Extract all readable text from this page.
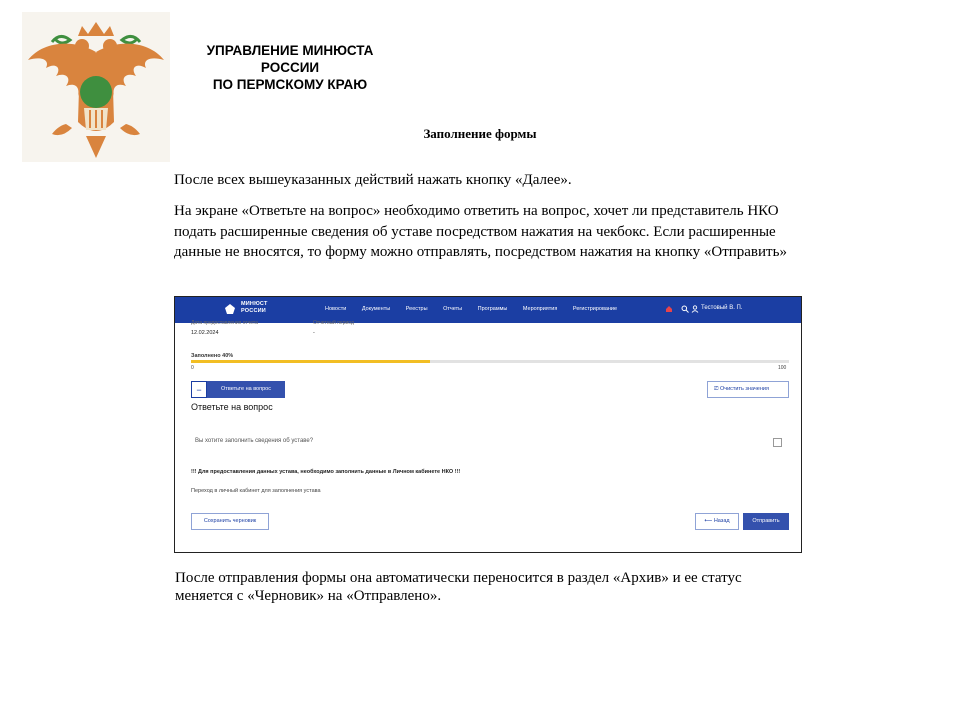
УПРАВЛЕНИЕ МИНЮСТА
РОССИИ
ПО ПЕРМСКОМУ КРАЮ
Заполнение формы
После всех вышеуказанных действий нажать кнопку «Далее».
На экране «Ответьте на вопрос» необходимо ответить на вопрос, хочет ли представитель НКО подать расширенные сведения об уставе посредством нажатия на чекбокс. Если расширенные данные не вносятся, то форму можно отправлять, посредством нажатия на кнопку «Отправить»
МИНЮСТ
РОССИИ	Новости	Документы	Реестры	Отчеты	Программы	Мероприятия	Регистрирование	Тестовый В. П.
Дата предоставления отчета
12.02.2024
Отчетный период
-
Заполнено 40%
0	100
−	Ответьте на вопрос	⎚ Очистить значения
Ответьте на вопрос
Вы хотите заполнить сведения об уставе?
!!! Для предоставления данных устава, необходимо заполнить данные в Личном кабинете НКО !!!
Переход в личный кабинет для заполнения устава
Сохранить черновик	⟵ Назад	Отправить
После отправления формы она автоматически переносится в раздел «Архив» и ее статус меняется с «Черновик» на «Отправлено».
